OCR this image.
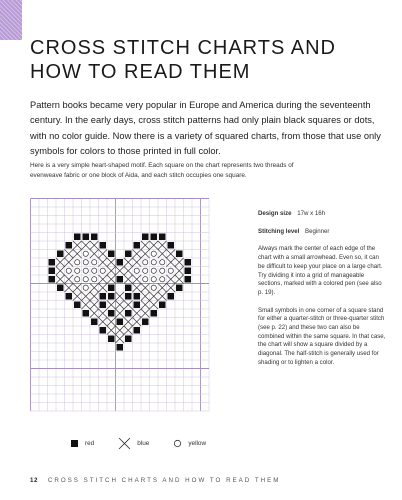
CROSS STITCH CHARTS AND
HOW TO READ THEM

Pattern books became very popular in Europe and America during the seventeenth century. In the early days, cross stitch patterns had only plain black squares or dots, with no color guide. Now there is a variety of squared charts, from those that use only symbols for colors to those printed in full color.

Here is a very simple heart-shaped motif. Each square on the chart represents two threads of evenweave fabric or one block of Aida, and each stitch occupies one square.

Design size 17w x 16h

Stitching level Beginner

Always mark the center of each edge of the chart with a small arrowhead. Even so, it can be difficult to keep your place on a large chart. Try dividing it into a grid of manageable sections, marked with a colored pen (see also p. 19).

Small symbols in one corner of a square stand for either a quarter-stitch or three-quarter stitch (see p. 22) and these two can also be combined within the same square. In that case, the chart will show a square divided by a diagonal. The half-stitch is generally used for shading or to lighten a color.

red	blue	yellow
12 CROSS STITCH CHARTS AND HOW TO READ THEM
